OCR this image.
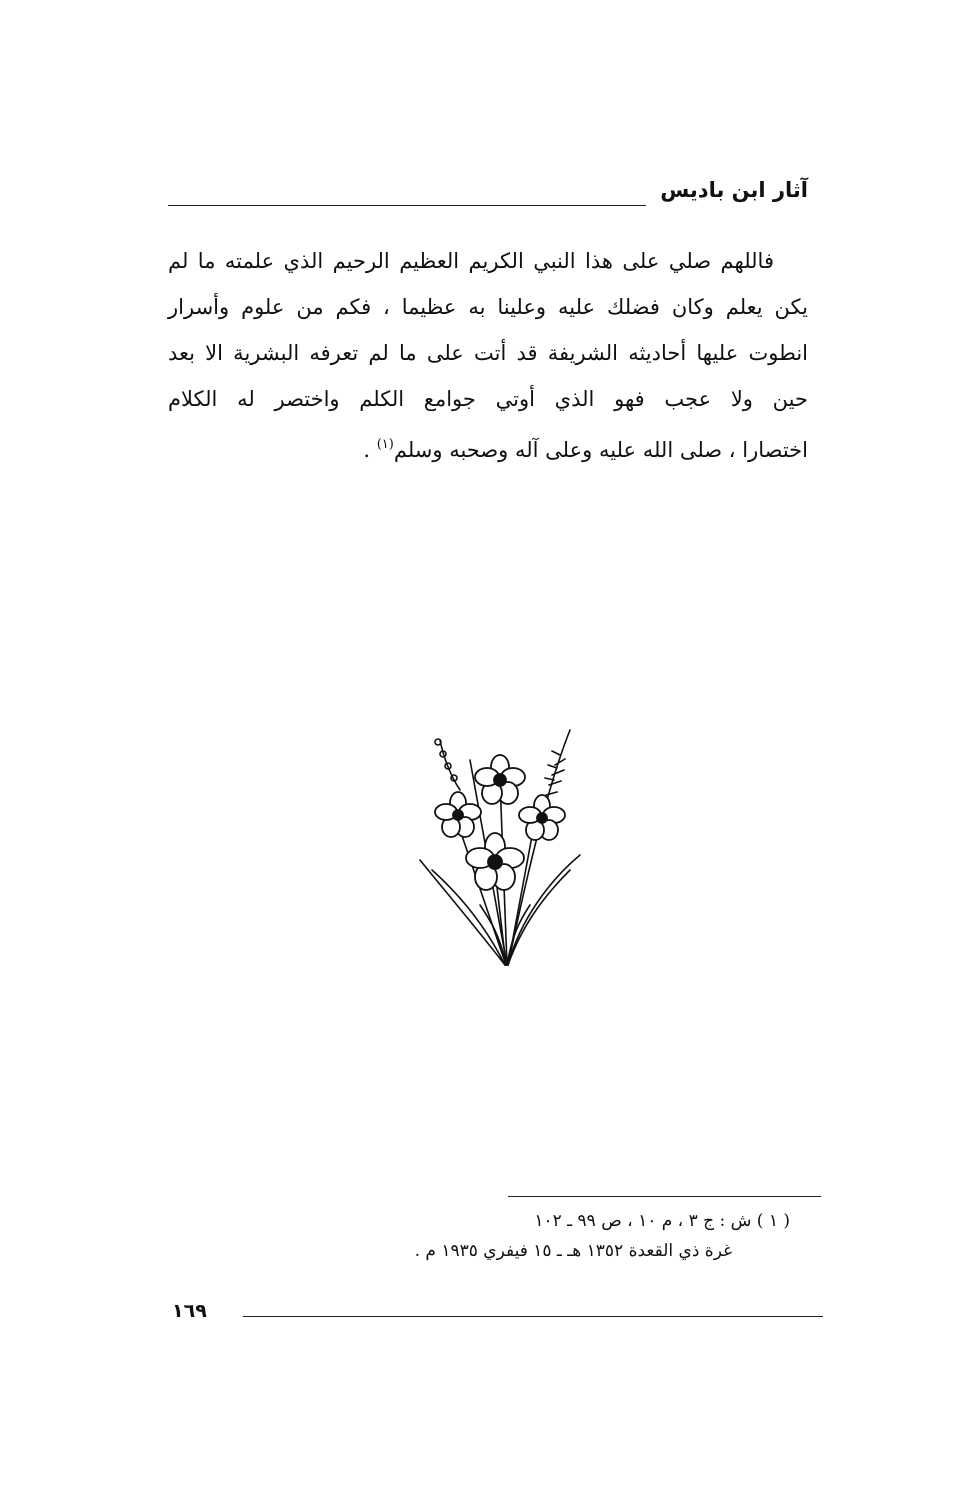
آثار ابن باديس
فاللهم صلي على هذا النبي الكريم العظيم الرحيم الذي علمته ما لم
يكن يعلم وكان فضلك عليه وعلينا به عظيما ، فكم من علوم وأسرار
انطوت عليها أحاديثه الشريفة قد أتت على ما لم تعرفه البشرية الا بعد
حين ولا عجب فهو الذي أوتي جوامع الكلم واختصر له الكلام
اختصارا ، صلى الله عليه وعلى آله وصحبه وسلم$^{(١)}$ .
( ١ ) ش : ج ٣ ، م ١٠ ، ص ٩٩ ـ ١٠٢
غرة ذي القعدة ١٣٥٢ هـ ـ ١٥ فيفري ١٩٣٥ م .
١٦٩
